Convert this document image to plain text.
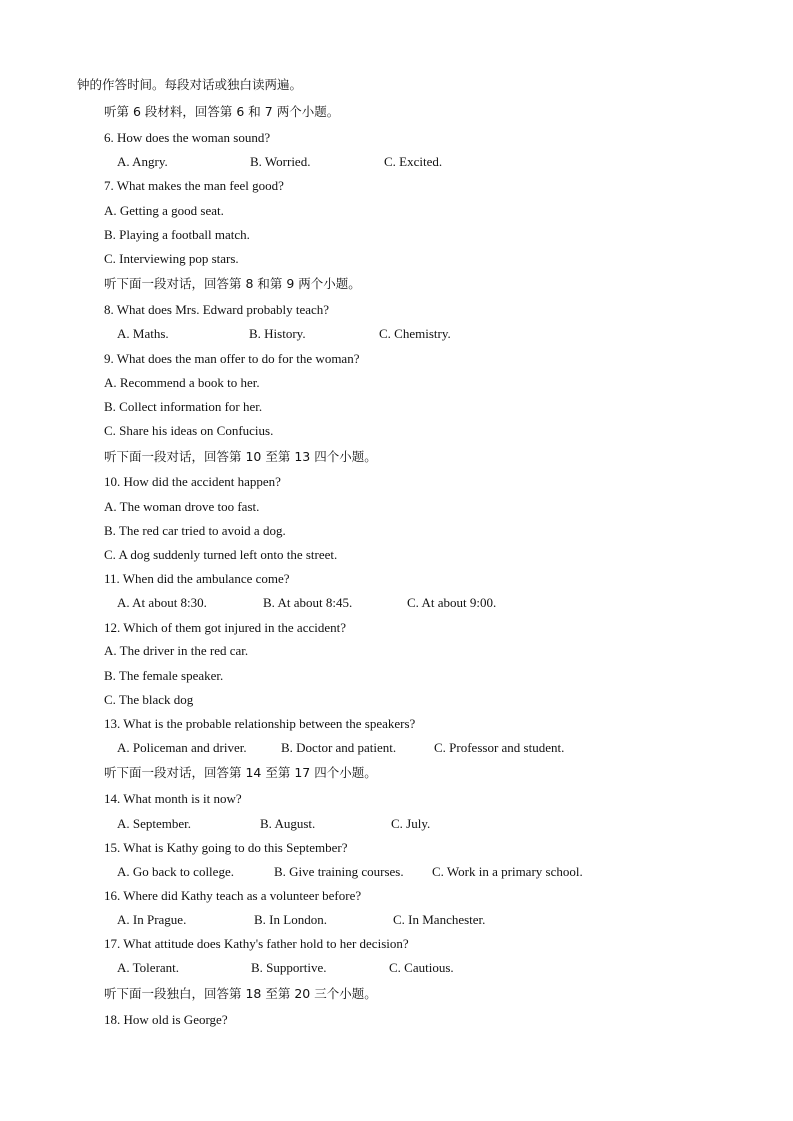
钟的作答时间。每段对话或独白读两遍。
听第 6 段材料，回答第 6 和 7 两个小题。
6. How does the woman sound?
A. Angry.	B. Worried.	C. Excited.
7. What makes the man feel good?
A. Getting a good seat.
B. Playing a football match.
C. Interviewing pop stars.
听下面一段对话，回答第 8 和第 9 两个小题。
8. What does Mrs. Edward probably teach?
A. Maths.	B. History.	C. Chemistry.
9. What does the man offer to do for the woman?
A. Recommend a book to her.
B. Collect information for her.
C. Share his ideas on Confucius.
听下面一段对话，回答第 10 至第 13 四个小题。
10. How did the accident happen?
A. The woman drove too fast.
B. The red car tried to avoid a dog.
C. A dog suddenly turned left onto the street.
11. When did the ambulance come?
A. At about 8:30.	B. At about 8:45.	C. At about 9:00.
12. Which of them got injured in the accident?
A. The driver in the red car.
B. The female speaker.
C. The black dog
13. What is the probable relationship between the speakers?
A. Policeman and driver.	B. Doctor and patient.	C. Professor and student.
听下面一段对话，回答第 14 至第 17 四个小题。
14. What month is it now?
A. September.	B. August.	C. July.
15. What is Kathy going to do this September?
A. Go back to college.	B. Give training courses. C. Work in a primary school.
16. Where did Kathy teach as a volunteer before?
A. In Prague.	B. In London.	C. In Manchester.
17. What attitude does Kathy's father hold to her decision?
A. Tolerant.	B. Supportive.	C. Cautious.
听下面一段独白，回答第 18 至第 20 三个小题。
18. How old is George?
